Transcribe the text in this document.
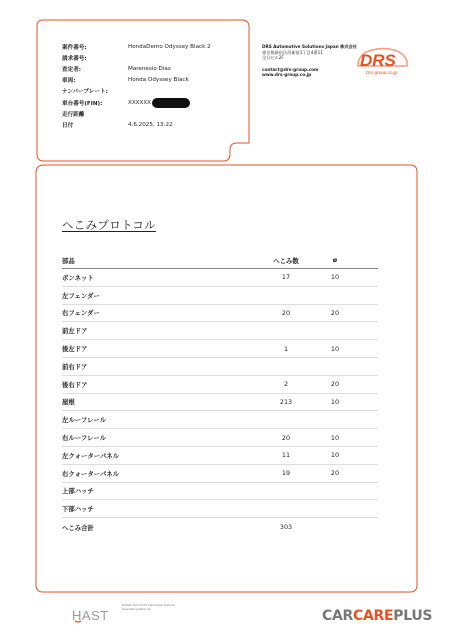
案件番号:	HondaDemo Odyssey Black 2
請求番号:
査定者:	Marenesio Dias
車両:	Honda Odyssey Black
ナンバープレート:
車台番号(FIN):	XXXXXX
走行距離
日付	4.6.2025, 13:22
DRS Automotive Solutions Japan 株式会社
東京都新宿区西新宿1丁目4番11
全日ビル2F
contact@drs-group.com
www.drs-group.co.jp
DRS
Drs-group.co.jp
へこみプロトコル
部品	へこみ数	ø
ボンネット	17	10
左フェンダー
右フェンダー	20	20
前左ドア
後左ドア	1	10
前右ドア
後右ドア	2	20
屋根	213	10
左ルーフレール
右ルーフレール	20	10
左クォーターパネル	11	10
右クォーターパネル	19	20
上部ハッチ
下部ハッチ
へこみ合計	303
HAST
Erstellt durch HAST Automotive Systems
www.hast-systems.de	CARCAREPLUS
